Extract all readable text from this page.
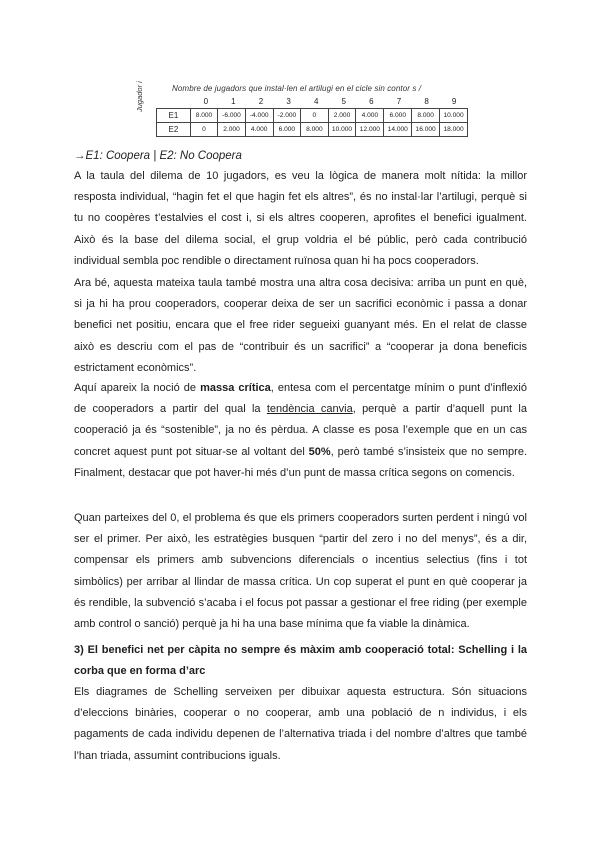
Nombre de jugadors que instal·len el artilugi en el cicle sin contor s /
Jugador i	0	1	2	3	4	5	6	7	8	9
E1	8.000	-6.000	-4.000	-2.000	0	2.000	4.000	6.000	8.000	10.000
E2	0	2.000	4.000	6.000	8.000	10.000	12.000	14.000	16.000	18.000
→E1: Coopera | E2: No Coopera

A la taula del dilema de 10 jugadors, es veu la lògica de manera molt nítida: la millor resposta individual, “hagin fet el que hagin fet els altres”, és no instal·lar l’artilugi, perquè si tu no coopères t’estalvies el cost i, si els altres cooperen, aprofites el benefici igualment. Això és la base del dilema social, el grup voldria el bé públic, però cada contribució individual sembla poc rendible o directament ruïnosa quan hi ha pocs cooperadors.

Ara bé, aquesta mateixa taula també mostra una altra cosa decisiva: arriba un punt en què, si ja hi ha prou cooperadors, cooperar deixa de ser un sacrifici econòmic i passa a donar benefici net positiu, encara que el free rider segueixi guanyant més. En el relat de classe això es descriu com el pas de “contribuir és un sacrifici” a “cooperar ja dona beneficis estrictament econòmics”.

Aquí apareix la noció de massa crítica, entesa com el percentatge mínim o punt d’inflexió de cooperadors a partir del qual la tendència canvia, perquè a partir d’aquell punt la cooperació ja és “sostenible”, ja no és pèrdua. A classe es posa l’exemple que en un cas concret aquest punt pot situar-se al voltant del 50%, però també s’insisteix que no sempre. Finalment, destacar que pot haver-hi més d’un punt de massa crítica segons on comencis.

Quan parteixes del 0, el problema és que els primers cooperadors surten perdent i ningú vol ser el primer. Per això, les estratègies busquen “partir del zero i no del menys”, és a dir, compensar els primers amb subvencions diferencials o incentius selectius (fins i tot simbòlics) per arribar al llindar de massa crítica. Un cop superat el punt en què cooperar ja és rendible, la subvenció s’acaba i el focus pot passar a gestionar el free riding (per exemple amb control o sanció) perquè ja hi ha una base mínima que fa viable la dinàmica.

3) El benefici net per càpita no sempre és màxim amb cooperació total: Schelling i la corba que en forma d’arc

Els diagrames de Schelling serveixen per dibuixar aquesta estructura. Són situacions d’eleccions binàries, cooperar o no cooperar, amb una població de n individus, i els pagaments de cada individu depenen de l’alternativa triada i del nombre d’altres que també l’han triada, assumint contribucions iguals.
